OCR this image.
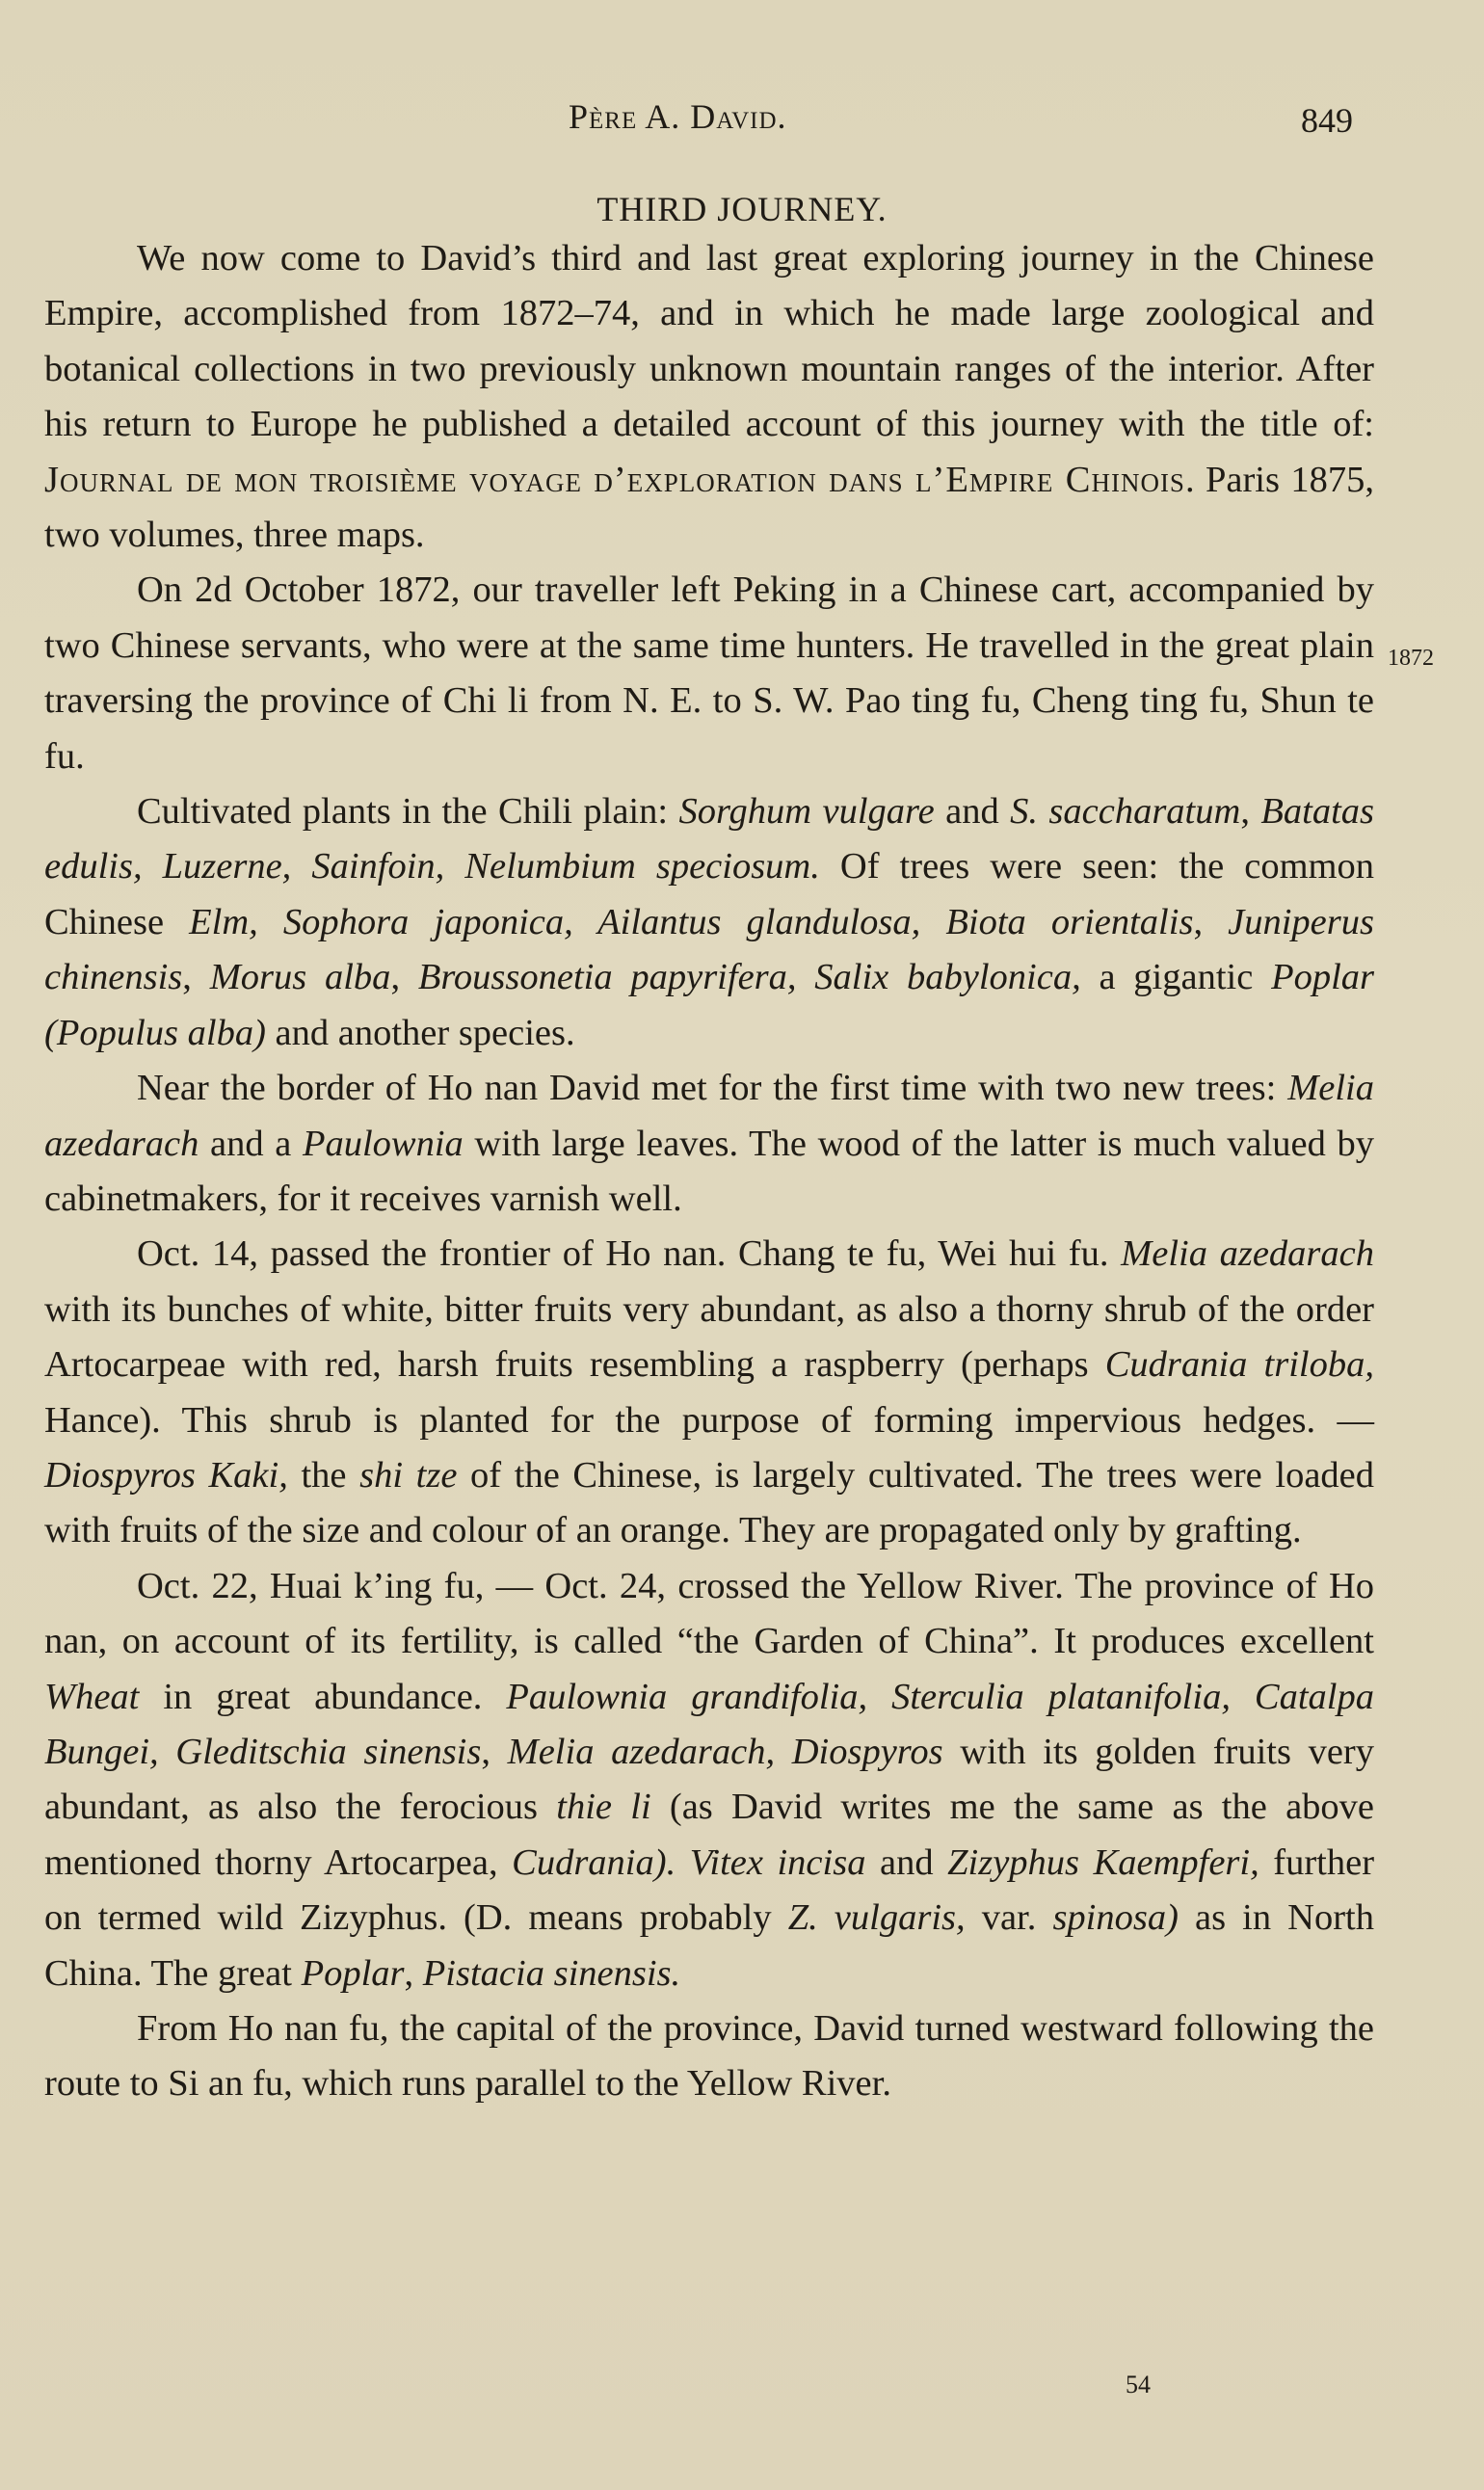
Père A. David.	849
THIRD JOURNEY.
1872

We now come to David’s third and last great exploring journey in the Chinese Empire, accomplished from 1872–74, and in which he made large zoological and botanical collections in two previously unknown mountain ranges of the interior. After his return to Europe he published a detailed account of this journey with the title of: Journal de mon troisième voyage d’exploration dans l’Empire Chinois. Paris 1875, two volumes, three maps.

On 2d October 1872, our traveller left Peking in a Chinese cart, accompanied by two Chinese servants, who were at the same time hunters. He travelled in the great plain traversing the province of Chi li from N. E. to S. W. Pao ting fu, Cheng ting fu, Shun te fu.

Cultivated plants in the Chili plain: Sorghum vulgare and S. saccharatum, Batatas edulis, Luzerne, Sainfoin, Nelumbium speciosum. Of trees were seen: the common Chinese Elm, Sophora japonica, Ailantus glandulosa, Biota orientalis, Juniperus chinensis, Morus alba, Broussonetia papyrifera, Salix babylonica, a gigantic Poplar (Populus alba) and another species.

Near the border of Ho nan David met for the first time with two new trees: Melia azedarach and a Paulownia with large leaves. The wood of the latter is much valued by cabinetmakers, for it receives varnish well.

Oct. 14, passed the frontier of Ho nan. Chang te fu, Wei hui fu. Melia azedarach with its bunches of white, bitter fruits very abundant, as also a thorny shrub of the order Artocarpeae with red, harsh fruits resembling a raspberry (perhaps Cudrania triloba, Hance). This shrub is planted for the purpose of forming impervious hedges. — Diospyros Kaki, the shi tze of the Chinese, is largely cultivated. The trees were loaded with fruits of the size and colour of an orange. They are propagated only by grafting.

Oct. 22, Huai k’ing fu, — Oct. 24, crossed the Yellow River. The province of Ho nan, on account of its fertility, is called “the Garden of China”. It produces excellent Wheat in great abundance. Paulownia grandifolia, Sterculia platanifolia, Catalpa Bungei, Gleditschia sinensis, Melia azedarach, Diospyros with its golden fruits very abundant, as also the ferocious thie li (as David writes me the same as the above mentioned thorny Artocarpea, Cudrania). Vitex incisa and Zizyphus Kaempferi, further on termed wild Zizyphus. (D. means probably Z. vulgaris, var. spinosa) as in North China. The great Poplar, Pistacia sinensis.

From Ho nan fu, the capital of the province, David turned westward following the route to Si an fu, which runs parallel to the Yellow River.

54
